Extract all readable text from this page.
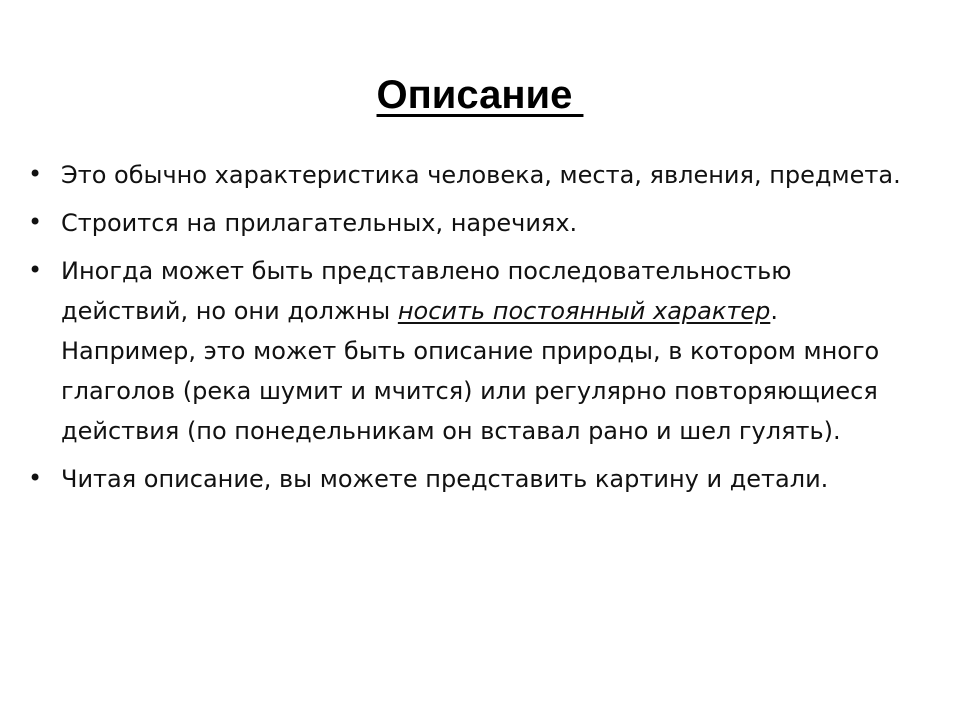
Описание
• Это обычно характеристика человека, места, явления, предмета.
• Строится на прилагательных, наречиях.
• Иногда может быть представлено последовательностью действий, но они должны носить постоянный характер. Например, это может быть описание природы, в котором много глаголов (река шумит и мчится) или регулярно повторяющиеся действия (по понедельникам он вставал рано и шел гулять).
• Читая описание, вы можете представить картину и детали.
